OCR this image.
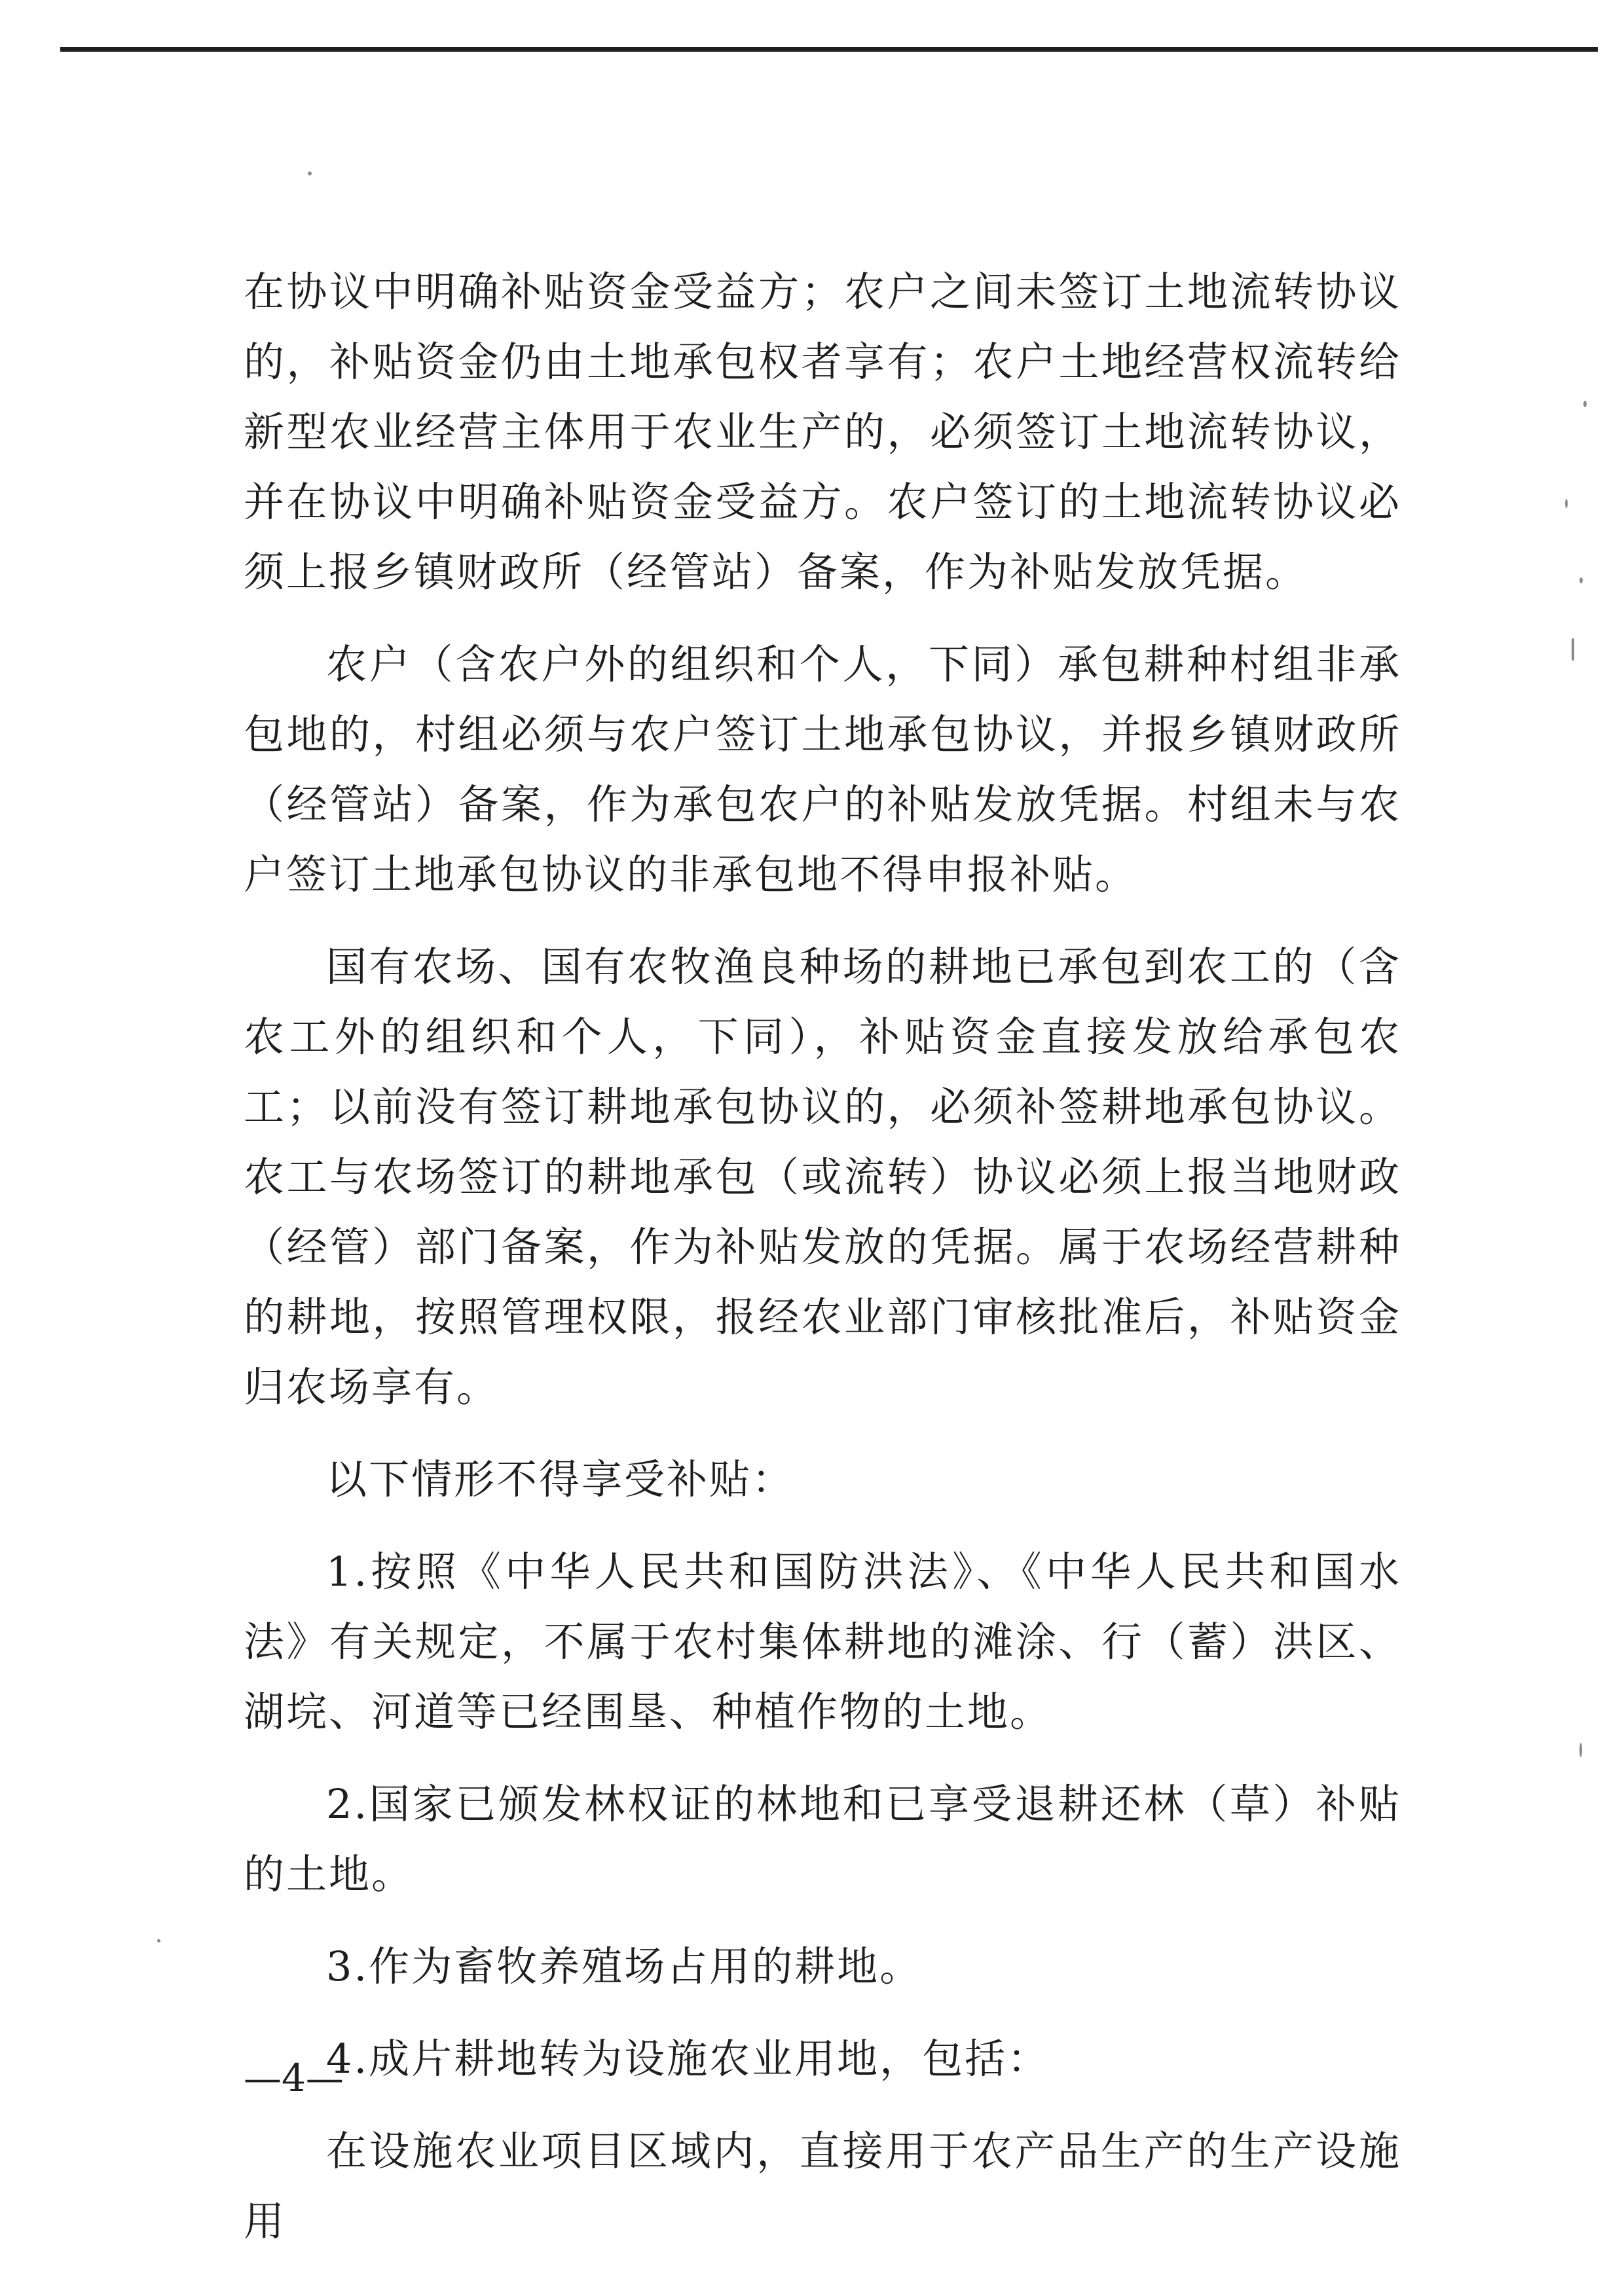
在协议中明确补贴资金受益方；农户之间未签订土地流转协议的，补贴资金仍由土地承包权者享有；农户土地经营权流转给新型农业经营主体用于农业生产的，必须签订土地流转协议，并在协议中明确补贴资金受益方。农户签订的土地流转协议必须上报乡镇财政所（经管站）备案，作为补贴发放凭据。

农户（含农户外的组织和个人，下同）承包耕种村组非承包地的，村组必须与农户签订土地承包协议，并报乡镇财政所（经管站）备案，作为承包农户的补贴发放凭据。村组未与农户签订土地承包协议的非承包地不得申报补贴。

国有农场、国有农牧渔良种场的耕地已承包到农工的（含农工外的组织和个人，下同），补贴资金直接发放给承包农工；以前没有签订耕地承包协议的，必须补签耕地承包协议。农工与农场签订的耕地承包（或流转）协议必须上报当地财政（经管）部门备案，作为补贴发放的凭据。属于农场经营耕种的耕地，按照管理权限，报经农业部门审核批准后，补贴资金归农场享有。

以下情形不得享受补贴：

1.按照《中华人民共和国防洪法》、《中华人民共和国水法》有关规定，不属于农村集体耕地的滩涂、行（蓄）洪区、湖垸、河道等已经围垦、种植作物的土地。

2.国家已颁发林权证的林地和已享受退耕还林（草）补贴的土地。

3.作为畜牧养殖场占用的耕地。

4.成片耕地转为设施农业用地，包括：

在设施农业项目区域内，直接用于农产品生产的生产设施用

—4—
